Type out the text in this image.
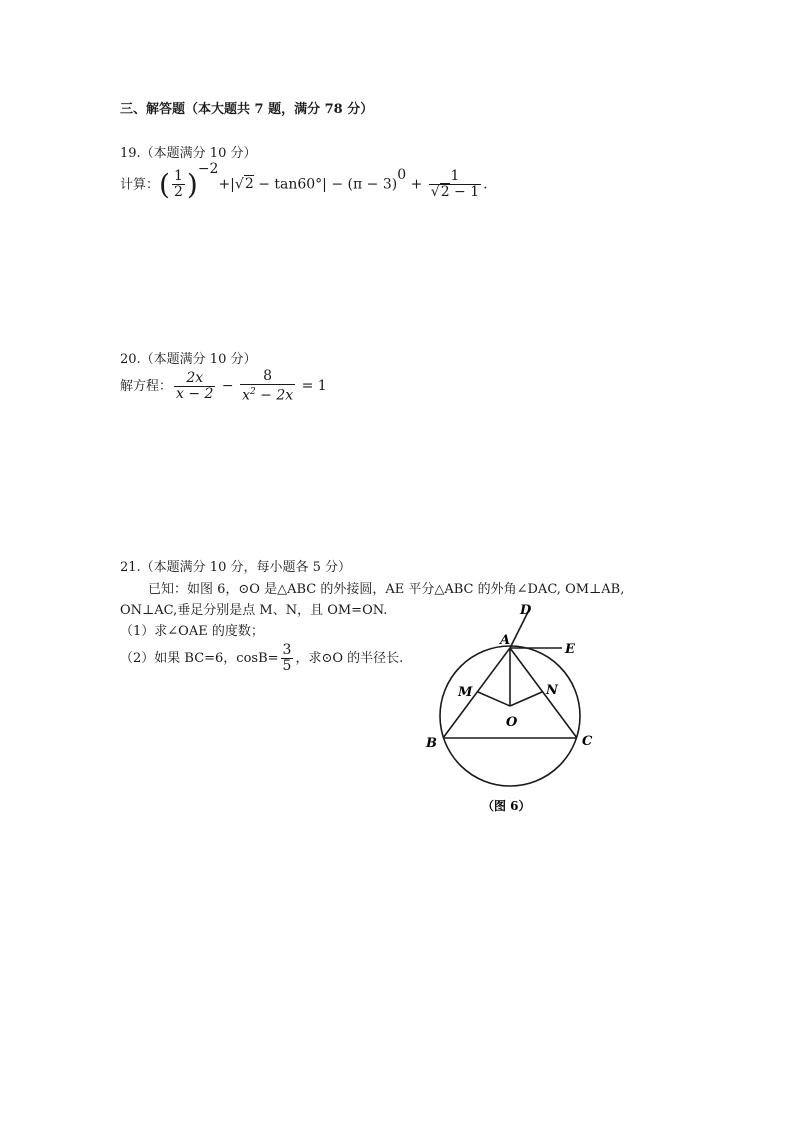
三、解答题（本大题共 7 题，满分 78 分）
19.（本题满分 10 分）
计算：( $\frac{1}{2} )^{-2}+|√2 - \tan 60^\circ| - (\pi - 3)^0 + \frac{1}{√2 - 1}$ .
20.（本题满分 10 分）
解方程： $\frac{2x}{x - 2} - \frac{8}{x^2 - 2x} = 1$
21.（本题满分 10 分，每小题各 5 分）
已知：如图 6，⊙O 是△ABC 的外接圆，AE 平分△ABC 的外角∠DAC, OM⊥AB,
ON⊥AC,垂足分别是点 M、N，且 OM=ON.
（1）求∠OAE 的度数；
（2）如果 BC=6，$\cos B= \frac{3}{5}$ ，求⊙O 的半径长.
D
A
E
M	N
O
B	C
（图 6）
